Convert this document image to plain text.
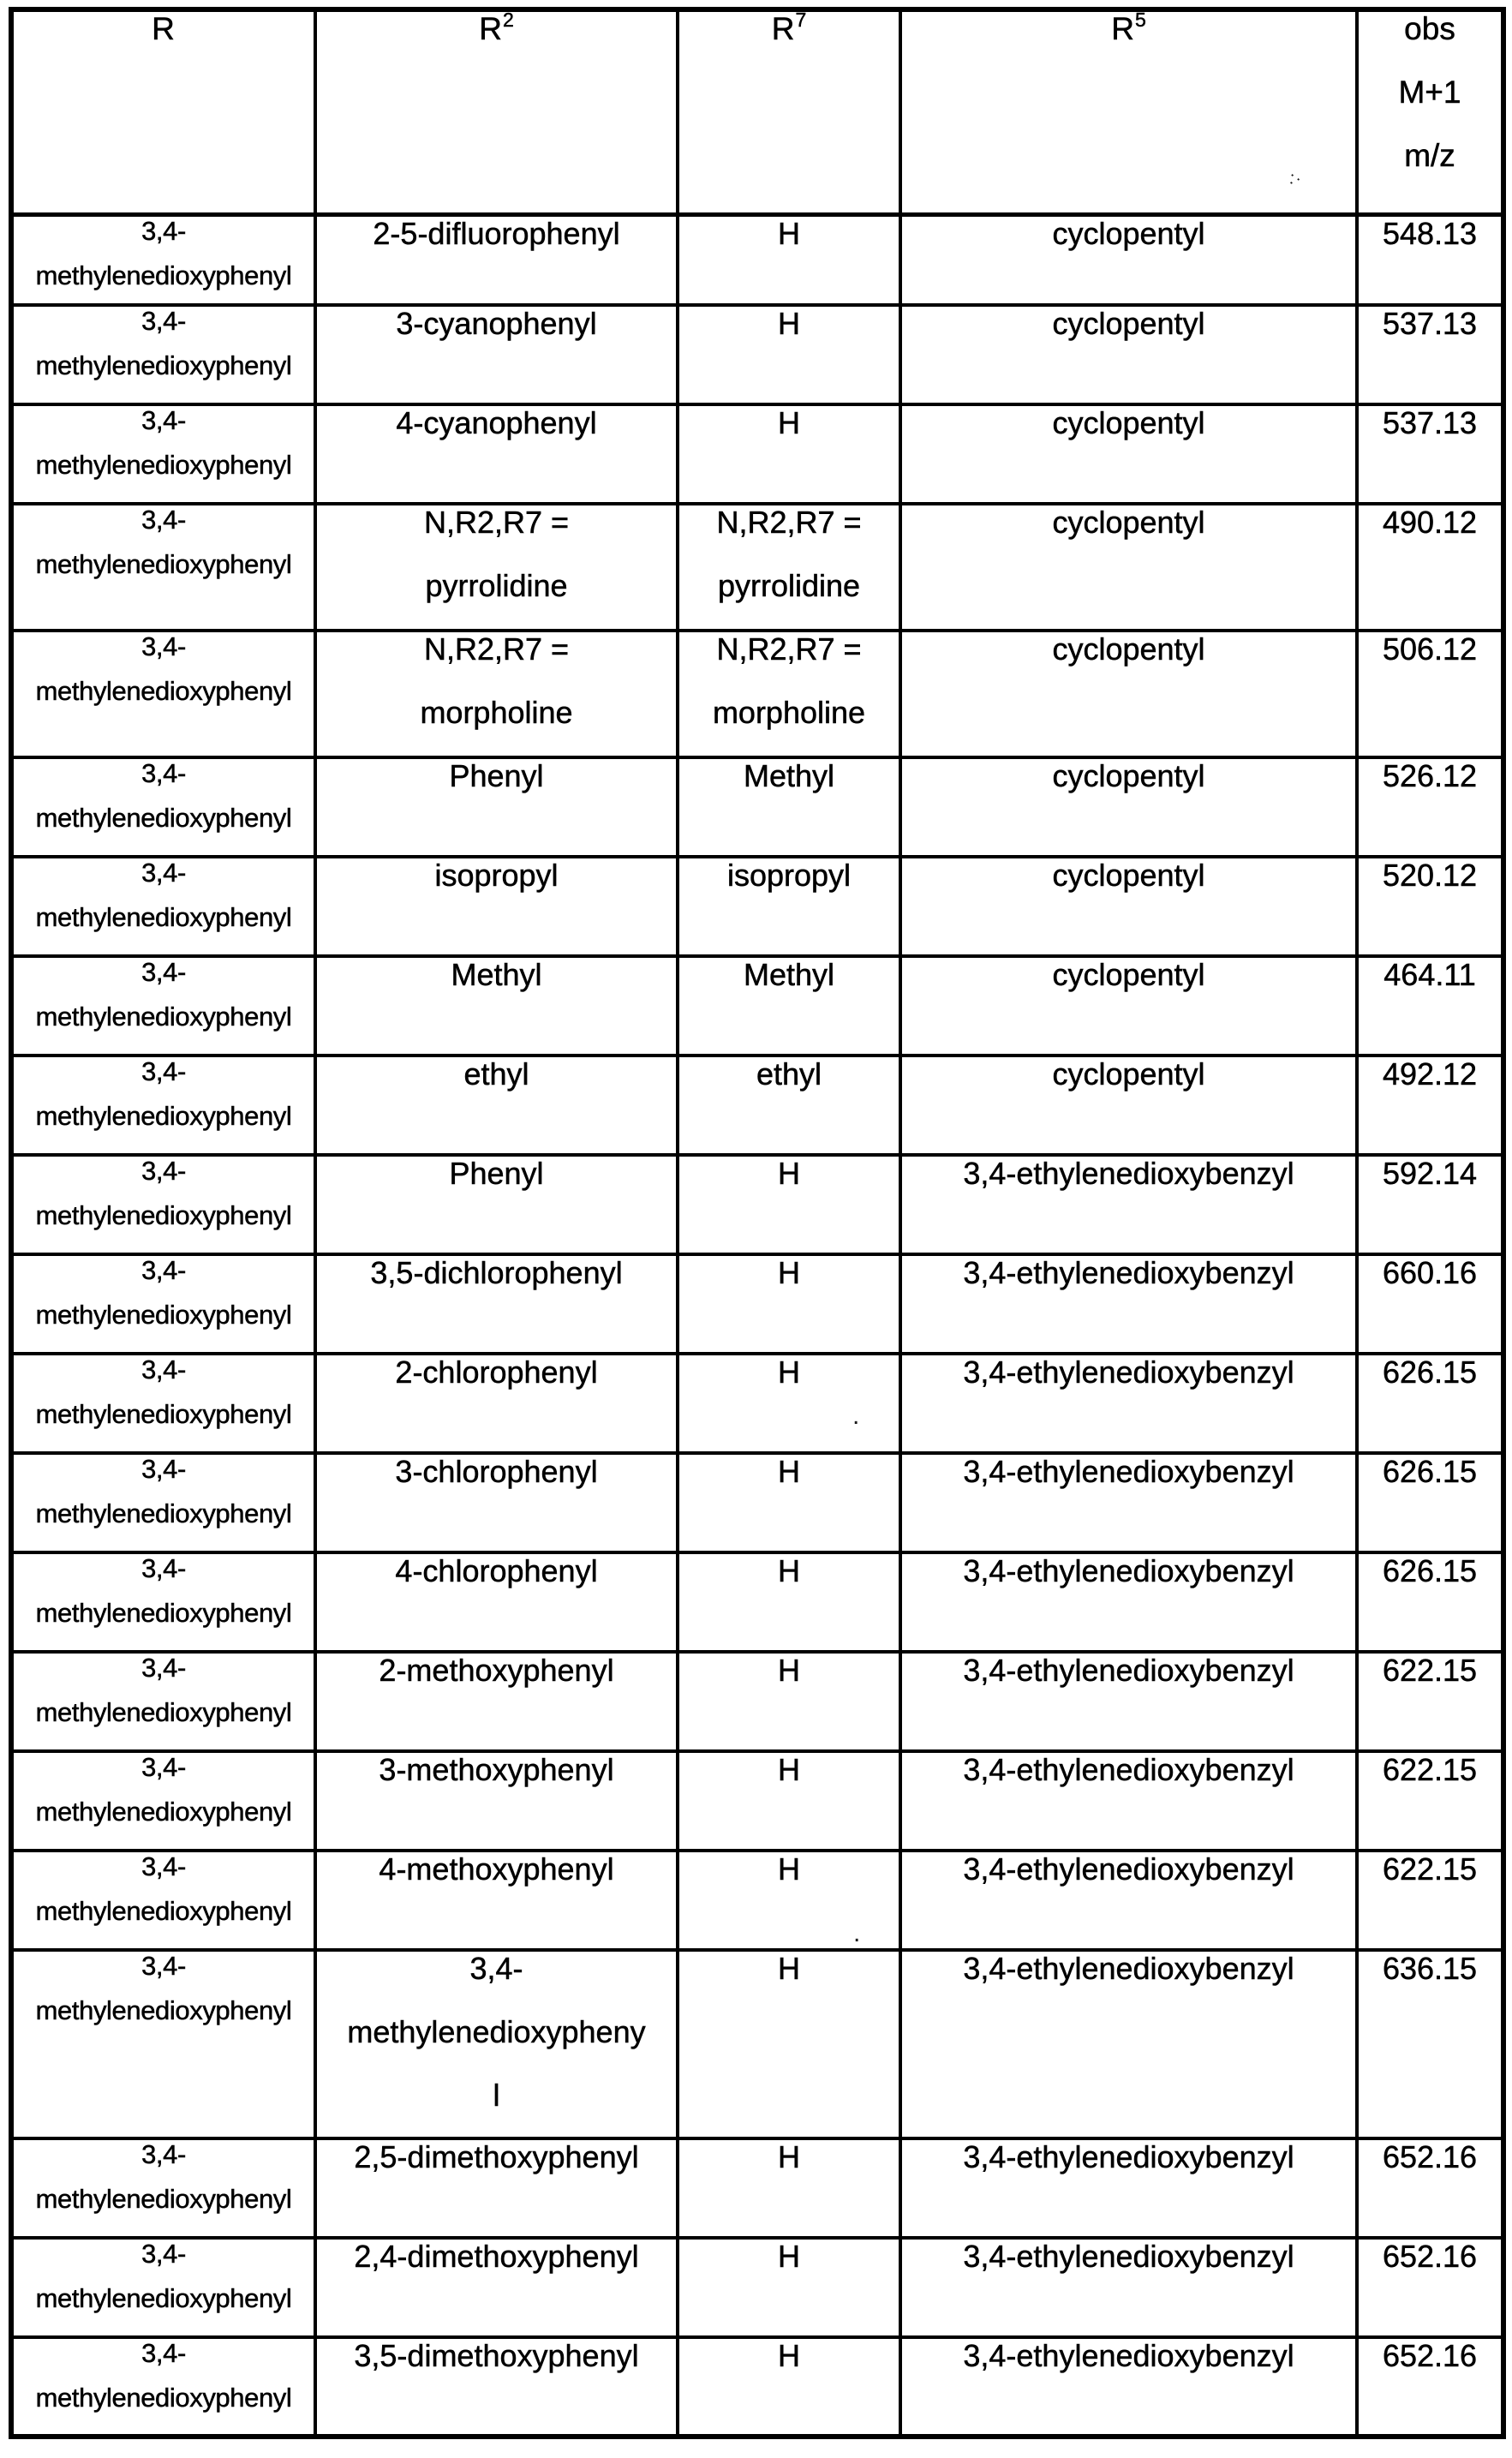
R	$R^2$	$R^7$	$R^5$	obs
M+1
m/z

3,4-
methylenedioxyphenyl	2-5-difluorophenyl	H	cyclopentyl	548.13

3,4-
methylenedioxyphenyl	3-cyanophenyl	H	cyclopentyl	537.13

3,4-
methylenedioxyphenyl	4-cyanophenyl	H	cyclopentyl	537.13

3,4-
methylenedioxyphenyl	N,R2,R7 =
pyrrolidine	N,R2,R7 =
pyrrolidine	cyclopentyl	490.12

3,4-
methylenedioxyphenyl	N,R2,R7 =
morpholine	N,R2,R7 =
morpholine	cyclopentyl	506.12

3,4-
methylenedioxyphenyl	Phenyl	Methyl	cyclopentyl	526.12

3,4-
methylenedioxyphenyl	isopropyl	isopropyl	cyclopentyl	520.12

3,4-
methylenedioxyphenyl	Methyl	Methyl	cyclopentyl	464.11

3,4-
methylenedioxyphenyl	ethyl	ethyl	cyclopentyl	492.12

3,4-
methylenedioxyphenyl	Phenyl	H	3,4-ethylenedioxybenzyl	592.14

3,4-
methylenedioxyphenyl	3,5-dichlorophenyl	H	3,4-ethylenedioxybenzyl	660.16

3,4-
methylenedioxyphenyl	2-chlorophenyl	H	3,4-ethylenedioxybenzyl	626.15

3,4-
methylenedioxyphenyl	3-chlorophenyl	H	3,4-ethylenedioxybenzyl	626.15

3,4-
methylenedioxyphenyl	4-chlorophenyl	H	3,4-ethylenedioxybenzyl	626.15

3,4-
methylenedioxyphenyl	2-methoxyphenyl	H	3,4-ethylenedioxybenzyl	622.15

3,4-
methylenedioxyphenyl	3-methoxyphenyl	H	3,4-ethylenedioxybenzyl	622.15

3,4-
methylenedioxyphenyl	4-methoxyphenyl	H	3,4-ethylenedioxybenzyl	622.15

3,4-
methylenedioxyphenyl	3,4-
methylenedioxypheny
l	H	3,4-ethylenedioxybenzyl	636.15

3,4-
methylenedioxyphenyl	2,5-dimethoxyphenyl	H	3,4-ethylenedioxybenzyl	652.16

3,4-
methylenedioxyphenyl	2,4-dimethoxyphenyl	H	3,4-ethylenedioxybenzyl	652.16

3,4-
methylenedioxyphenyl	3,5-dimethoxyphenyl	H	3,4-ethylenedioxybenzyl	652.16
·:
.
.
